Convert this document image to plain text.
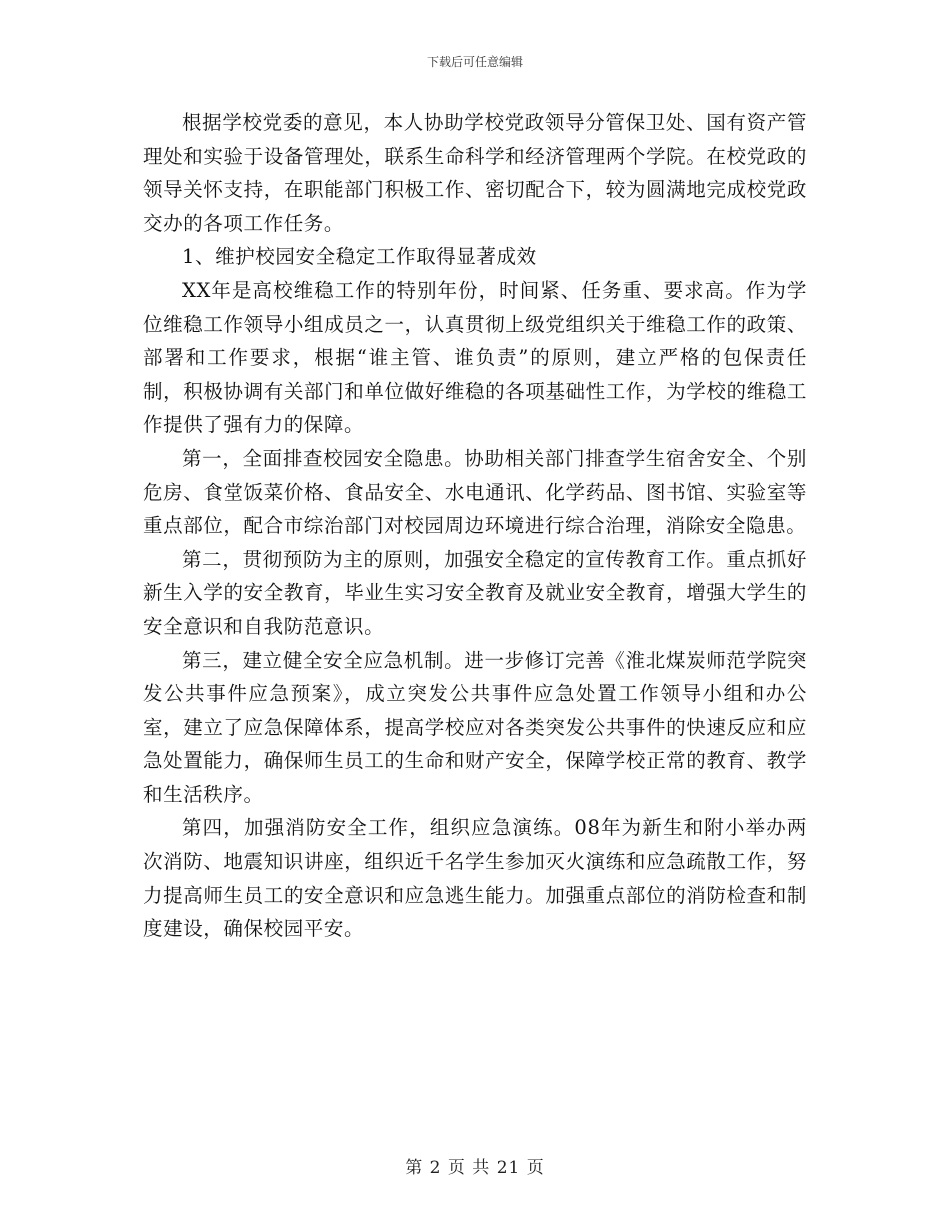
下载后可任意编辑

根据学校党委的意见，本人协助学校党政领导分管保卫处、国有资产管理处和实验于设备管理处，联系生命科学和经济管理两个学院。在校党政的领导关怀支持，在职能部门积极工作、密切配合下，较为圆满地完成校党政交办的各项工作任务。

1、维护校园安全稳定工作取得显著成效

XX年是高校维稳工作的特别年份，时间紧、任务重、要求高。作为学位维稳工作领导小组成员之一，认真贯彻上级党组织关于维稳工作的政策、部署和工作要求，根据“谁主管、谁负责”的原则，建立严格的包保责任制，积极协调有关部门和单位做好维稳的各项基础性工作，为学校的维稳工作提供了强有力的保障。

第一，全面排查校园安全隐患。协助相关部门排查学生宿舍安全、个别危房、食堂饭菜价格、食品安全、水电通讯、化学药品、图书馆、实验室等重点部位，配合市综治部门对校园周边环境进行综合治理，消除安全隐患。

第二，贯彻预防为主的原则，加强安全稳定的宣传教育工作。重点抓好新生入学的安全教育，毕业生实习安全教育及就业安全教育，增强大学生的安全意识和自我防范意识。

第三，建立健全安全应急机制。进一步修订完善《淮北煤炭师范学院突发公共事件应急预案》，成立突发公共事件应急处置工作领导小组和办公室，建立了应急保障体系，提高学校应对各类突发公共事件的快速反应和应急处置能力，确保师生员工的生命和财产安全，保障学校正常的教育、教学和生活秩序。

第四，加强消防安全工作，组织应急演练。08年为新生和附小举办两次消防、地震知识讲座，组织近千名学生参加灭火演练和应急疏散工作，努力提高师生员工的安全意识和应急逃生能力。加强重点部位的消防检查和制度建设，确保校园平安。

第 2 页 共 21 页
